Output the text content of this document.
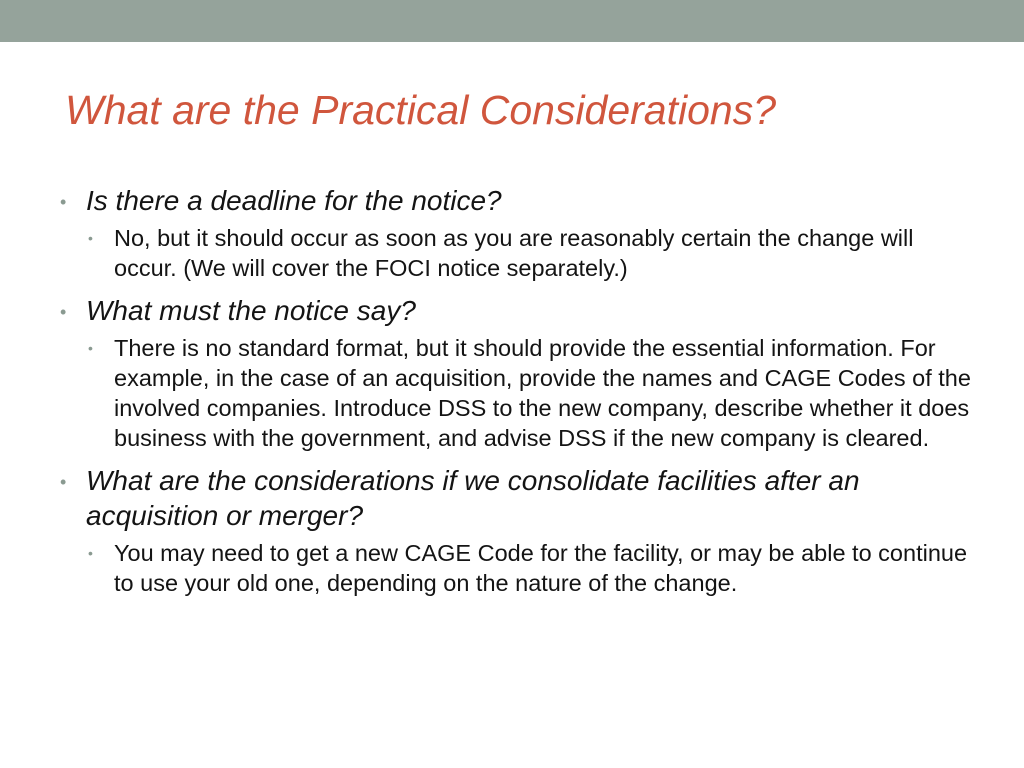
What are the Practical Considerations?

• Is there a deadline for the notice?

• No, but it should occur as soon as you are reasonably certain the change will occur. (We will cover the FOCI notice separately.)

• What must the notice say?

• There is no standard format, but it should provide the essential information. For example, in the case of an acquisition, provide the names and CAGE Codes of the involved companies. Introduce DSS to the new company, describe whether it does business with the government, and advise DSS if the new company is cleared.

• What are the considerations if we consolidate facilities after an acquisition or merger?

• You may need to get a new CAGE Code for the facility, or may be able to continue to use your old one, depending on the nature of the change.
